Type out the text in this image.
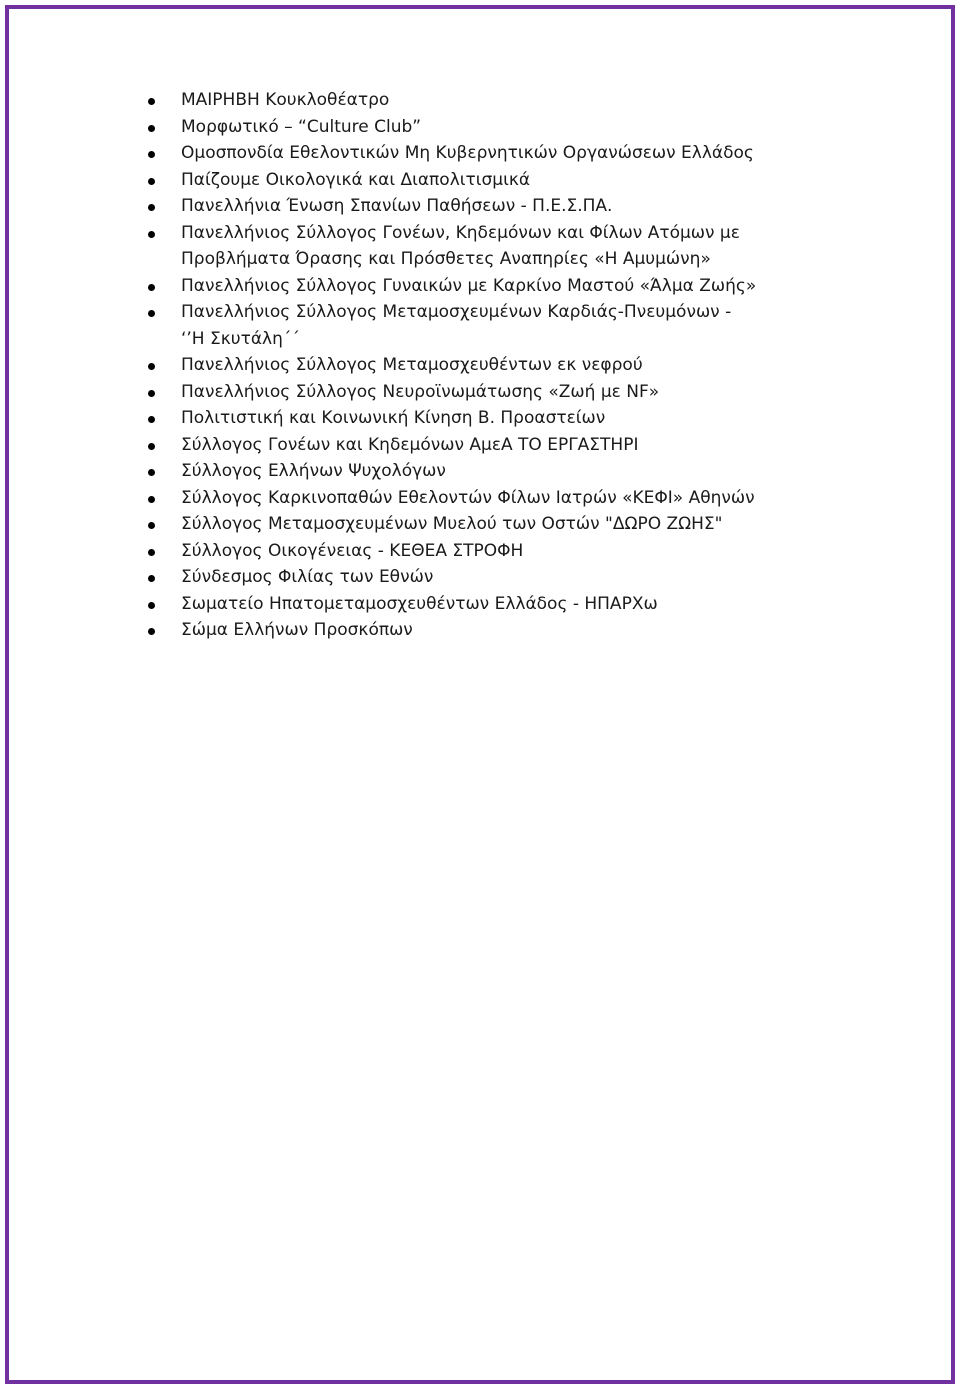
ΜΑΙΡΗΒΗ Κουκλοθέατρο
Μορφωτικό – “Culture Club”
Ομοσπονδία Εθελοντικών Μη Κυβερνητικών Οργανώσεων Ελλάδος
Παίζουμε Οικολογικά και Διαπολιτισμικά
Πανελλήνια Ένωση Σπανίων Παθήσεων - Π.Ε.Σ.ΠΑ.
Πανελλήνιος Σύλλογος Γονέων, Κηδεμόνων και Φίλων Ατόμων με
Προβλήματα Όρασης και Πρόσθετες Αναπηρίες «Η Αμυμώνη»
Πανελλήνιος Σύλλογος Γυναικών με Καρκίνο Μαστού «Άλμα Ζωής»
Πανελλήνιος Σύλλογος Μεταμοσχευμένων Καρδιάς-Πνευμόνων -
‘’Η Σκυτάλη΄΄
Πανελλήνιος Σύλλογος Μεταμοσχευθέντων εκ νεφρού
Πανελλήνιος Σύλλογος Νευροϊνωμάτωσης «Ζωή με NF»
Πολιτιστική και Κοινωνική Κίνηση Β. Προαστείων
Σύλλογος Γονέων και Κηδεμόνων ΑμεΑ ΤΟ ΕΡΓΑΣΤΗΡΙ
Σύλλογος Ελλήνων Ψυχολόγων
Σύλλογος Καρκινοπαθών Εθελοντών Φίλων Ιατρών «ΚΕΦΙ» Αθηνών
Σύλλογος Μεταμοσχευμένων Μυελού των Οστών "ΔΩΡΟ ΖΩΗΣ"
Σύλλογος Οικογένειας - ΚΕΘΕΑ ΣΤΡΟΦΗ
Σύνδεσμος Φιλίας των Εθνών
Σωματείο Ηπατομεταμοσχευθέντων Ελλάδος - ΗΠΑΡΧω
Σώμα Ελλήνων Προσκόπων
